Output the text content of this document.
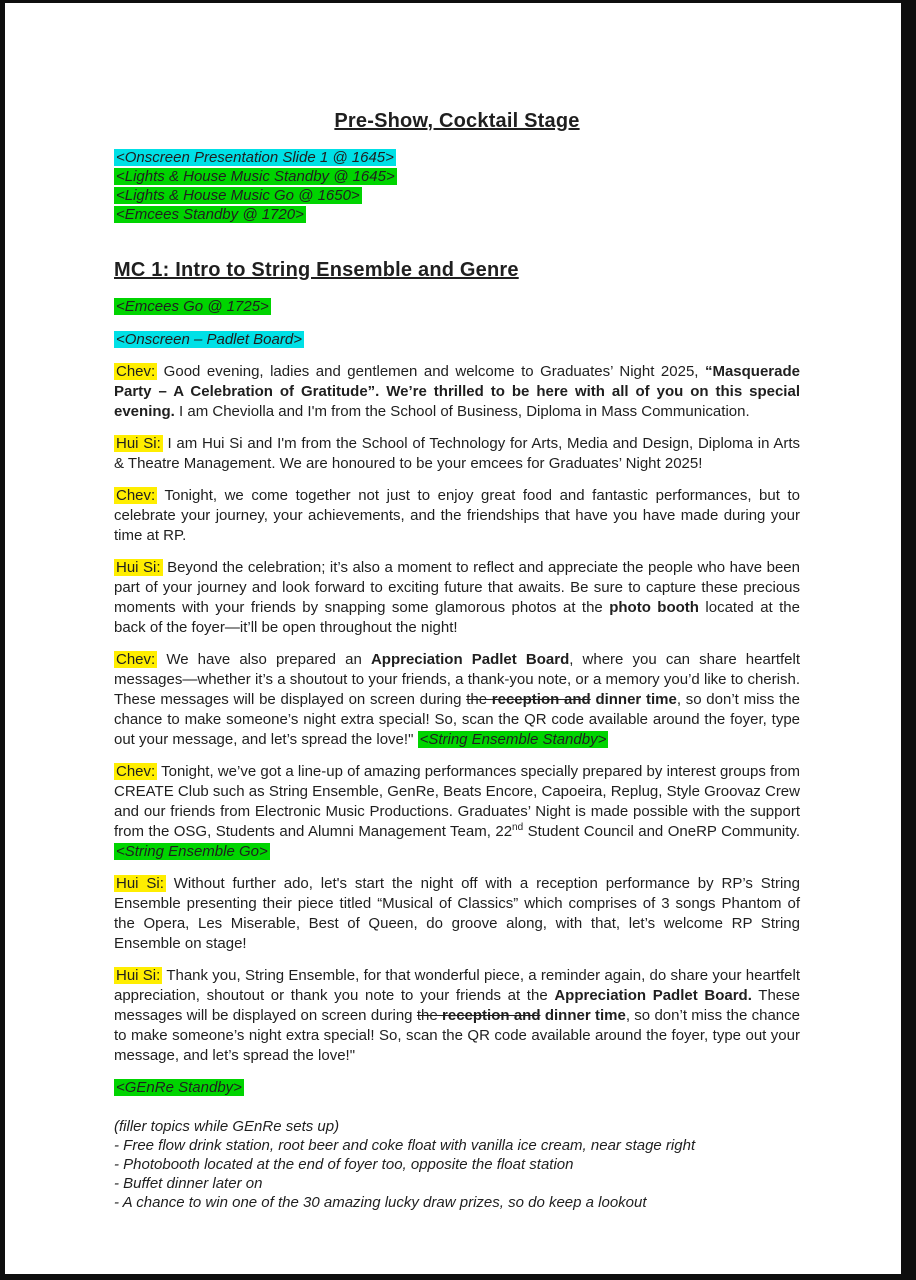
Pre-Show, Cocktail Stage
<Onscreen Presentation Slide 1 @ 1645>
<Lights & House Music Standby @ 1645>
<Lights & House Music Go @ 1650>
<Emcees Standby @ 1720>
MC 1: Intro to String Ensemble and Genre
<Emcees Go @ 1725>
<Onscreen – Padlet Board>

Chev: Good evening, ladies and gentlemen and welcome to Graduates’ Night 2025, “Masquerade Party – A Celebration of Gratitude”. We’re thrilled to be here with all of you on this special evening. I am Cheviolla and I'm from the School of Business, Diploma in Mass Communication.

Hui Si: I am Hui Si and I'm from the School of Technology for Arts, Media and Design, Diploma in Arts & Theatre Management. We are honoured to be your emcees for Graduates’ Night 2025!

Chev: Tonight, we come together not just to enjoy great food and fantastic performances, but to celebrate your journey, your achievements, and the friendships that have you have made during your time at RP.

Hui Si: Beyond the celebration; it’s also a moment to reflect and appreciate the people who have been part of your journey and look forward to exciting future that awaits. Be sure to capture these precious moments with your friends by snapping some glamorous photos at the photo booth located at the back of the foyer—it’ll be open throughout the night!

Chev: We have also prepared an Appreciation Padlet Board, where you can share heartfelt messages—whether it’s a shoutout to your friends, a thank-you note, or a memory you’d like to cherish. These messages will be displayed on screen during the reception and dinner time, so don’t miss the chance to make someone’s night extra special! So, scan the QR code available around the foyer, type out your message, and let’s spread the love!" <String Ensemble Standby>

Chev: Tonight, we’ve got a line-up of amazing performances specially prepared by interest groups from CREATE Club such as String Ensemble, GenRe, Beats Encore, Capoeira, Replug, Style Groovaz Crew and our friends from Electronic Music Productions. Graduates’ Night is made possible with the support from the OSG, Students and Alumni Management Team, 22nd Student Council and OneRP Community. <String Ensemble Go>

Hui Si: Without further ado, let's start the night off with a reception performance by RP’s String Ensemble presenting their piece titled “Musical of Classics” which comprises of 3 songs Phantom of the Opera, Les Miserable, Best of Queen, do groove along, with that, let’s welcome RP String Ensemble on stage!

Hui Si: Thank you, String Ensemble, for that wonderful piece, a reminder again, do share your heartfelt appreciation, shoutout or thank you note to your friends at the Appreciation Padlet Board. These messages will be displayed on screen during the reception and dinner time, so don’t miss the chance to make someone’s night extra special! So, scan the QR code available around the foyer, type out your message, and let’s spread the love!"

<GEnRe Standby>
(filler topics while GEnRe sets up)
- Free flow drink station, root beer and coke float with vanilla ice cream, near stage right
- Photobooth located at the end of foyer too, opposite the float station
- Buffet dinner later on
- A chance to win one of the 30 amazing lucky draw prizes, so do keep a lookout
